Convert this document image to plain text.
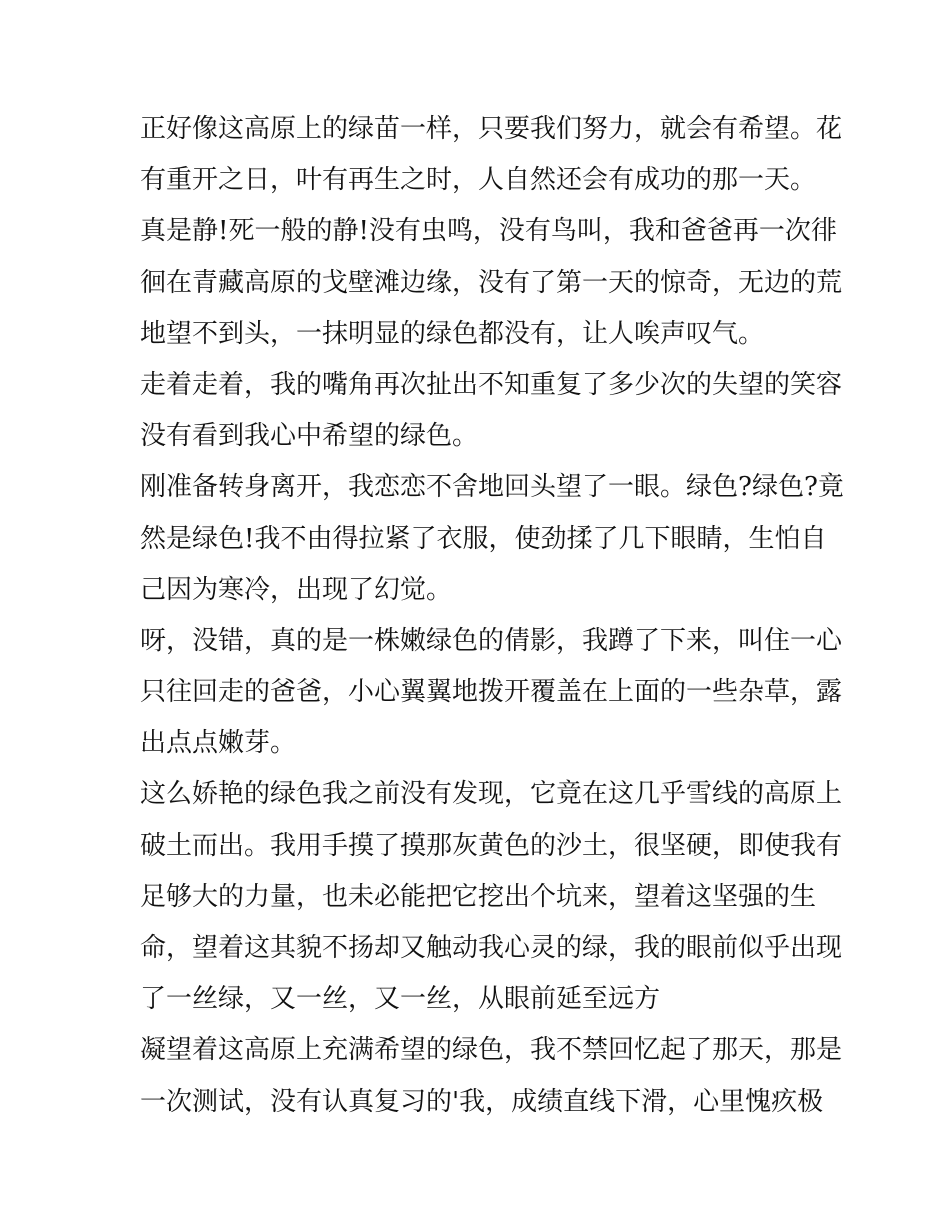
正好像这高原上的绿苗一样，只要我们努力，就会有希望。花
有重开之日，叶有再生之时，人自然还会有成功的那一天。
真是静!死一般的静!没有虫鸣，没有鸟叫，我和爸爸再一次徘
徊在青藏高原的戈壁滩边缘，没有了第一天的惊奇，无边的荒
地望不到头，一抹明显的绿色都没有，让人唉声叹气。
走着走着，我的嘴角再次扯出不知重复了多少次的失望的笑容
没有看到我心中希望的绿色。
刚准备转身离开，我恋恋不舍地回头望了一眼。绿色?绿色?竟
然是绿色!我不由得拉紧了衣服，使劲揉了几下眼睛，生怕自
己因为寒冷，出现了幻觉。
呀，没错，真的是一株嫩绿色的倩影，我蹲了下来，叫住一心
只往回走的爸爸，小心翼翼地拨开覆盖在上面的一些杂草，露
出点点嫩芽。
这么娇艳的绿色我之前没有发现，它竟在这几乎雪线的高原上
破土而出。我用手摸了摸那灰黄色的沙土，很坚硬，即使我有
足够大的力量，也未必能把它挖出个坑来，望着这坚强的生
命，望着这其貌不扬却又触动我心灵的绿，我的眼前似乎出现
了一丝绿，又一丝，又一丝，从眼前延至远方
凝望着这高原上充满希望的绿色，我不禁回忆起了那天，那是
一次测试，没有认真复习的'我，成绩直线下滑，心里愧疚极
